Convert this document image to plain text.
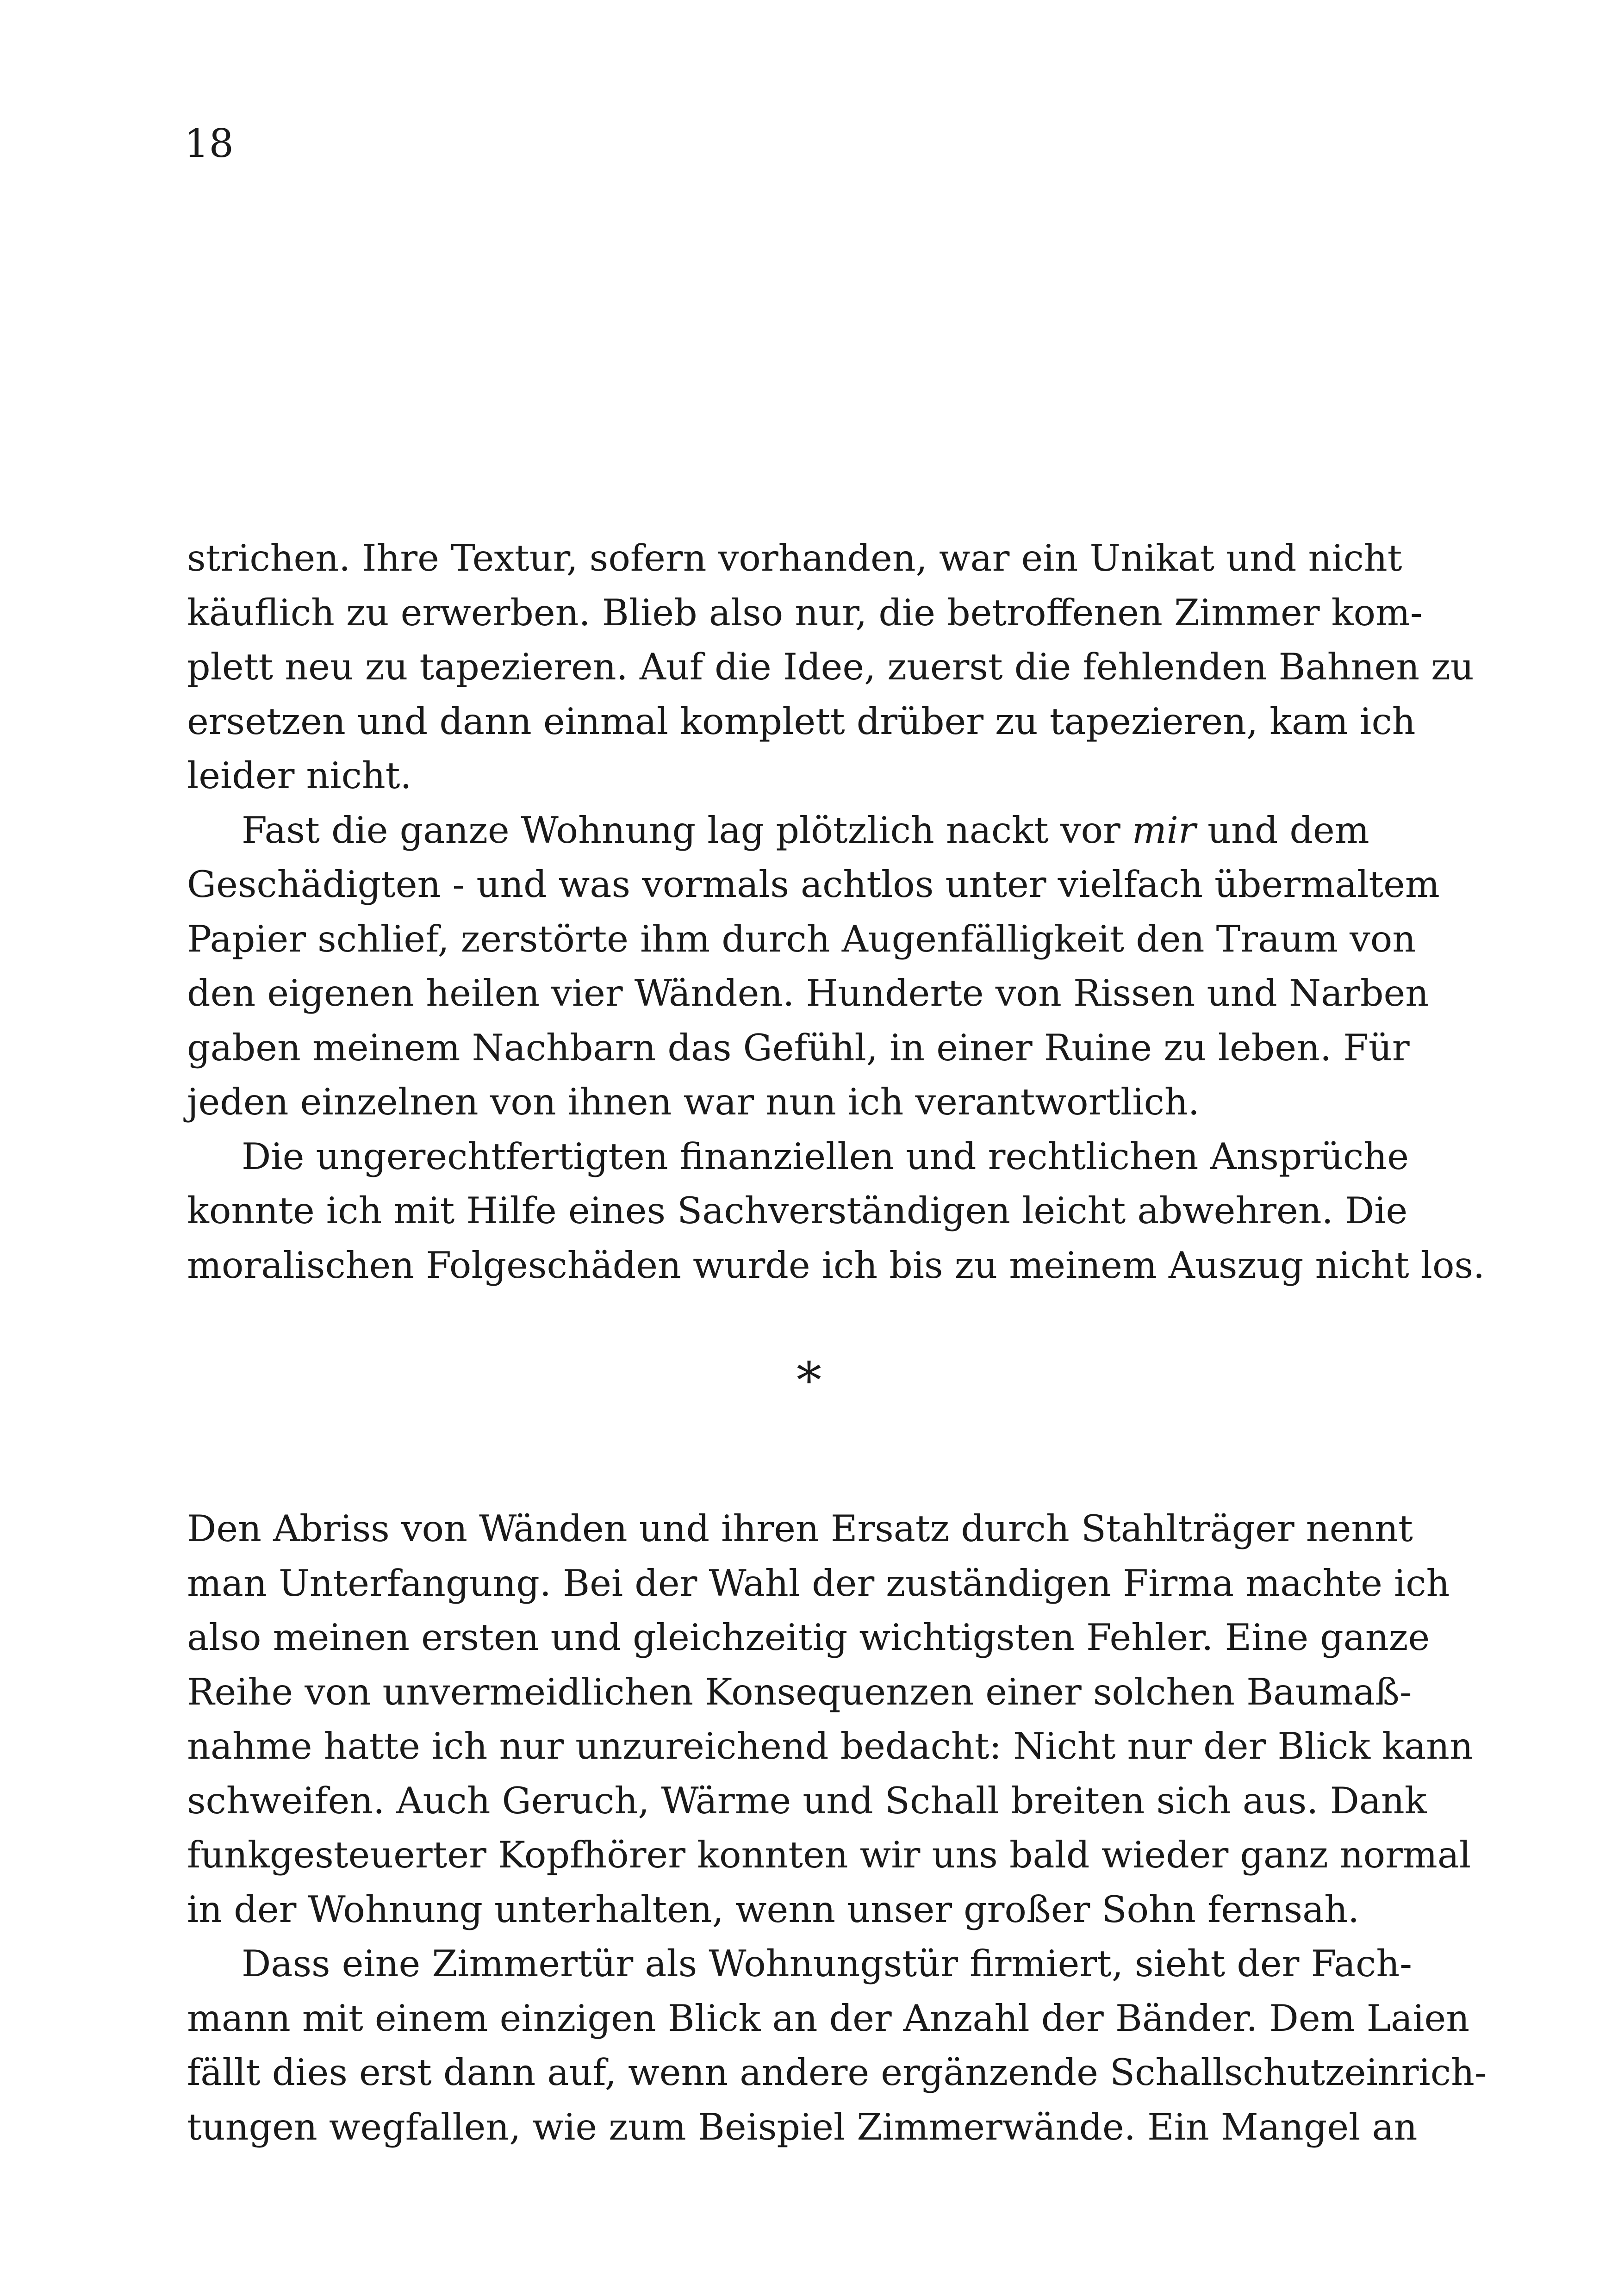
18
strichen. Ihre Textur, sofern vorhanden, war ein Unikat und nicht
käuflich zu erwerben. Blieb also nur, die betroffenen Zimmer kom-
plett neu zu tapezieren. Auf die Idee, zuerst die fehlenden Bahnen zu
ersetzen und dann einmal komplett drüber zu tapezieren, kam ich
leider nicht.
Fast die ganze Wohnung lag plötzlich nackt vor mir und dem
Geschädigten - und was vormals achtlos unter vielfach übermaltem
Papier schlief, zerstörte ihm durch Augenfälligkeit den Traum von
den eigenen heilen vier Wänden. Hunderte von Rissen und Narben
gaben meinem Nachbarn das Gefühl, in einer Ruine zu leben. Für
jeden einzelnen von ihnen war nun ich verantwortlich.
Die ungerechtfertigten finanziellen und rechtlichen Ansprüche
konnte ich mit Hilfe eines Sachverständigen leicht abwehren. Die
moralischen Folgeschäden wurde ich bis zu meinem Auszug nicht los.
*
Den Abriss von Wänden und ihren Ersatz durch Stahlträger nennt
man Unterfangung. Bei der Wahl der zuständigen Firma machte ich
also meinen ersten und gleichzeitig wichtigsten Fehler. Eine ganze
Reihe von unvermeidlichen Konsequenzen einer solchen Baumaß-
nahme hatte ich nur unzureichend bedacht: Nicht nur der Blick kann
schweifen. Auch Geruch, Wärme und Schall breiten sich aus. Dank
funkgesteuerter Kopfhörer konnten wir uns bald wieder ganz normal
in der Wohnung unterhalten, wenn unser großer Sohn fernsah.
Dass eine Zimmertür als Wohnungstür firmiert, sieht der Fach-
mann mit einem einzigen Blick an der Anzahl der Bänder. Dem Laien
fällt dies erst dann auf, wenn andere ergänzende Schallschutzeinrich-
tungen wegfallen, wie zum Beispiel Zimmerwände. Ein Mangel an
